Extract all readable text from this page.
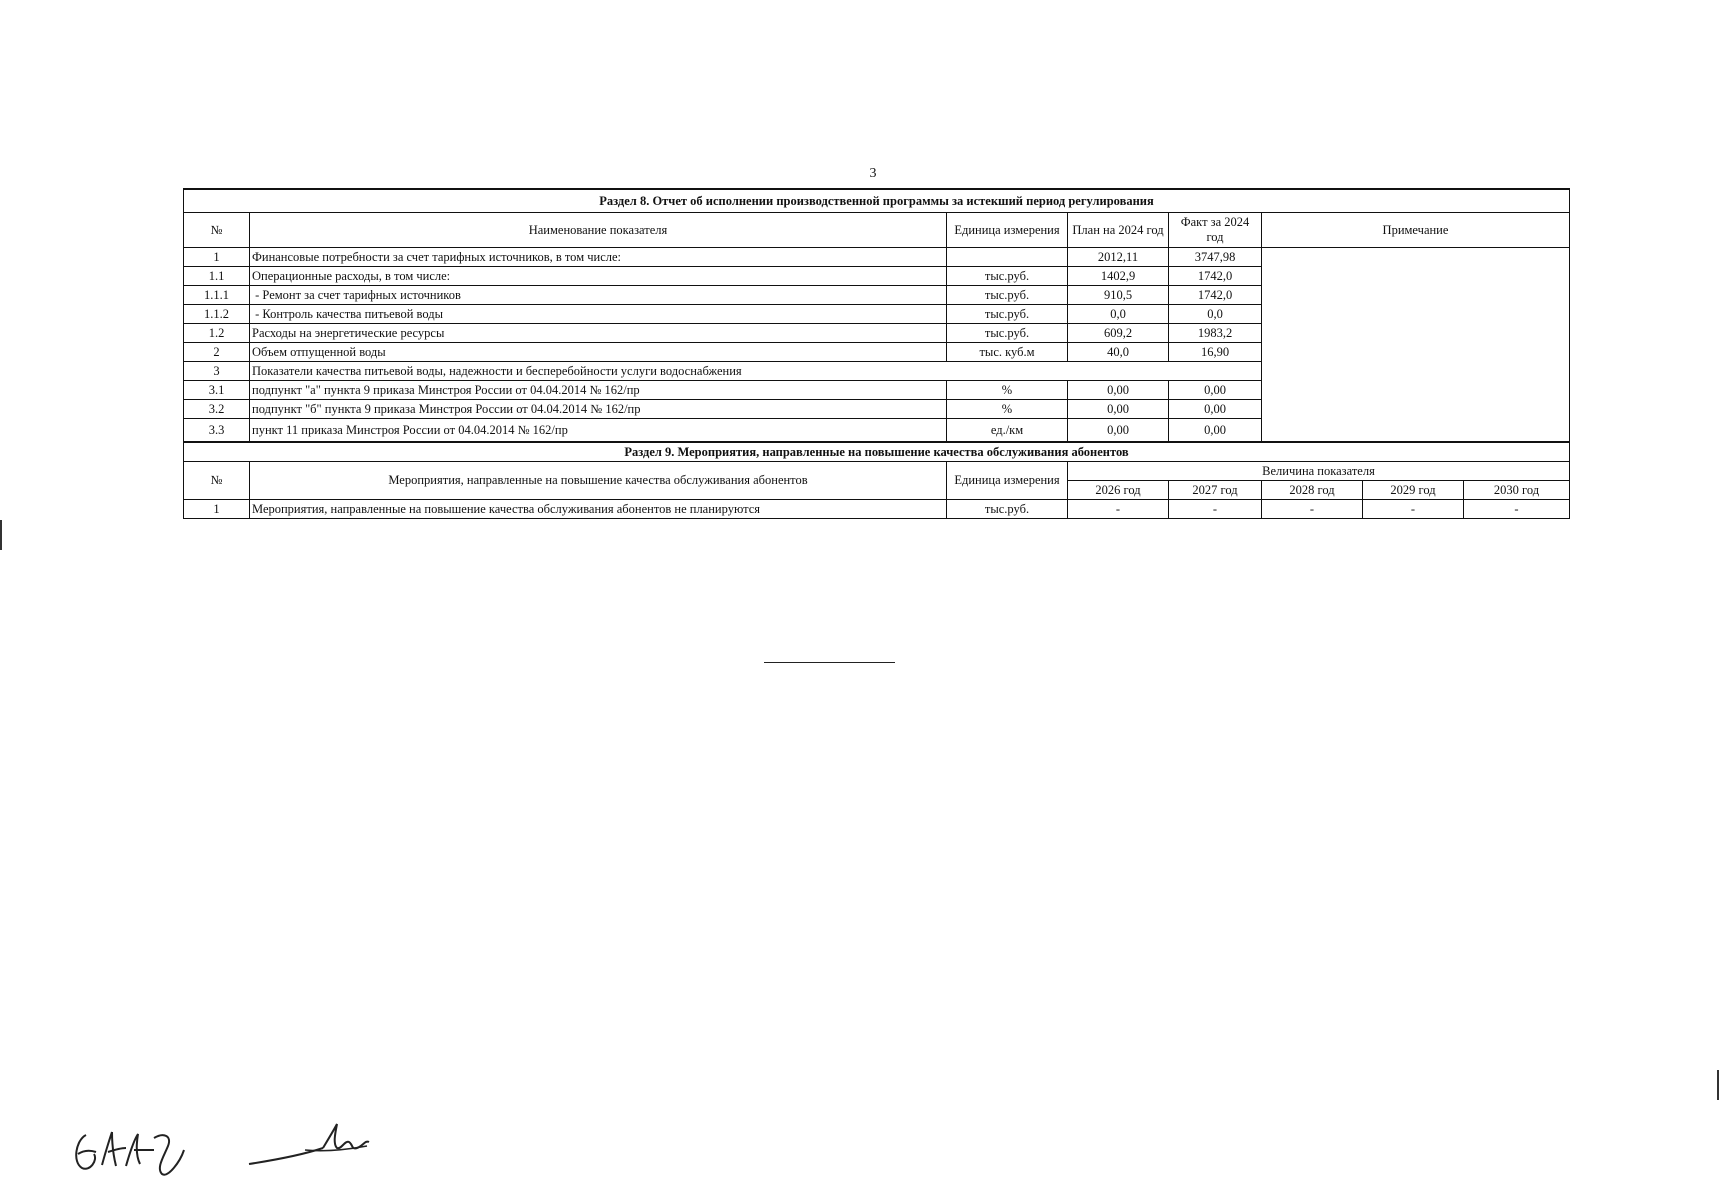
3
Раздел 8. Отчет об исполнении производственной программы за истекший период регулирования							
№	Наименование показателя	Единица измерения	План на 2024 год	Факт за 2024 год	Примечание		
1	Финансовые потребности за счет тарифных источников, в том числе:		2012,11	3747,98			
1.1	Операционные расходы, в том числе:	тыс.руб.	1402,9	1742,0			
1.1.1	- Ремонт за счет тарифных источников	тыс.руб.	910,5	1742,0			
1.1.2	- Контроль качества питьевой воды	тыс.руб.	0,0	0,0			
1.2	Расходы на энергетические ресурсы	тыс.руб.	609,2	1983,2			
2	Объем отпущенной воды	тыс. куб.м	40,0	16,90			
3	Показатели качества питьевой воды, надежности и бесперебойности услуги водоснабжения						
3.1	подпункт "а" пункта 9 приказа Минстроя России от 04.04.2014 № 162/пр	%	0,00	0,00			
3.2	подпункт "б" пункта 9 приказа Минстроя России от 04.04.2014 № 162/пр	%	0,00	0,00			
3.3	пункт 11 приказа Минстроя России от 04.04.2014 № 162/пр	ед./км	0,00	0,00			
Раздел 9. Мероприятия, направленные на повышение качества обслуживания абонентов							
№	Мероприятия, направленные на повышение качества обслуживания абонентов	Единица измерения	Величина показателя				
			2026 год	2027 год	2028 год	2029 год	2030 год
1	Мероприятия, направленные на повышение качества обслуживания абонентов не планируются	тыс.руб.	-	-	-	-	-
